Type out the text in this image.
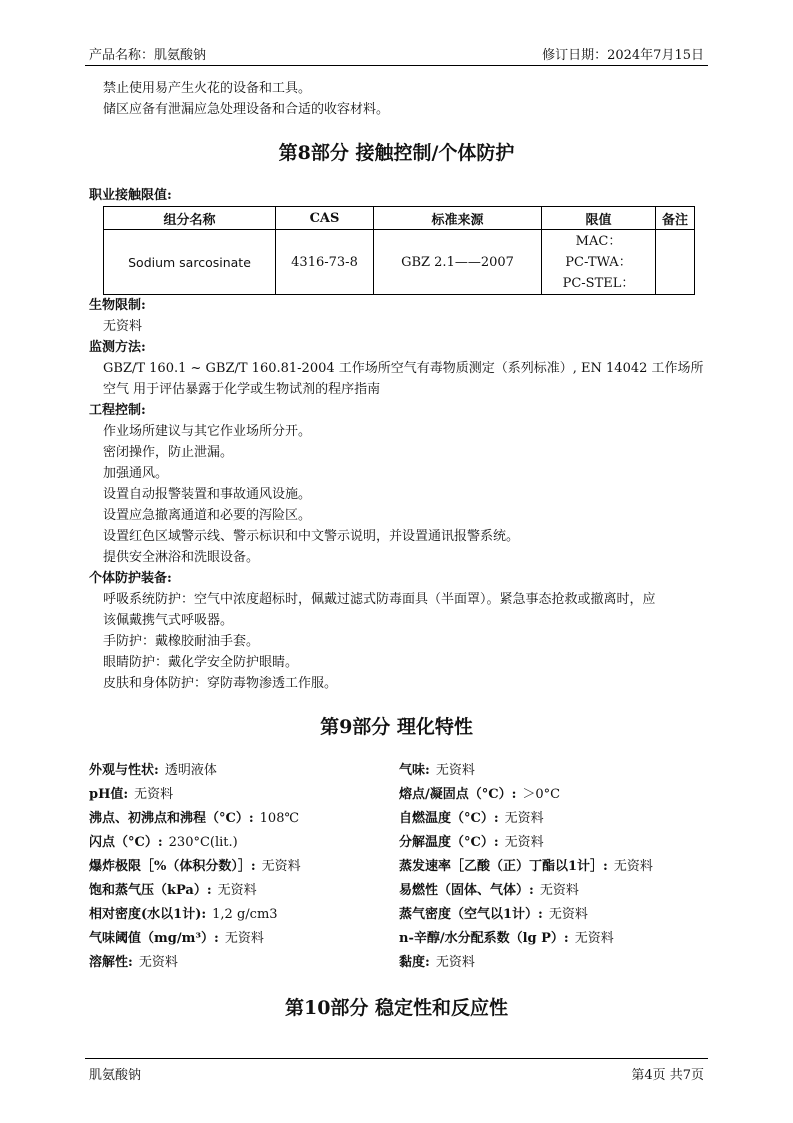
产品名称：肌氨酸钠	修订日期：2024年7月15日
禁止使用易产生火花的设备和工具。
储区应备有泄漏应急处理设备和合适的收容材料。
第8部分 接触控制/个体防护
职业接触限值:
组分名称	CAS	标准来源	限值	备注
Sodium sarcosinate	4316-73-8	GBZ 2.1——2007	MAC：
PC-TWA：
PC-STEL：	

生物限制:
无资料
监测方法:
GBZ/T 160.1 ~ GBZ/T 160.81-2004 工作场所空气有毒物质测定（系列标准）, EN 14042 工作场所
空气 用于评估暴露于化学或生物试剂的程序指南
工程控制:
作业场所建议与其它作业场所分开。
密闭操作，防止泄漏。
加强通风。
设置自动报警装置和事故通风设施。
设置应急撤离通道和必要的泻险区。
设置红色区域警示线、警示标识和中文警示说明，并设置通讯报警系统。
提供安全淋浴和洗眼设备。
个体防护装备:
呼吸系统防护：空气中浓度超标时，佩戴过滤式防毒面具（半面罩）。紧急事态抢救或撤离时，应
该佩戴携气式呼吸器。
手防护：戴橡胶耐油手套。
眼睛防护：戴化学安全防护眼睛。
皮肤和身体防护：穿防毒物渗透工作服。
第9部分 理化特性
外观与性状: 透明液体	气味: 无资料
pH值: 无资料	熔点/凝固点（°C）: ＞0°C
沸点、初沸点和沸程（°C）: 108℃	自燃温度（°C）: 无资料
闪点（°C）: 230°C(lit.)	分解温度（°C）: 无资料
爆炸极限［%（体积分数）］: 无资料	蒸发速率［乙酸（正）丁酯以1计］: 无资料
饱和蒸气压（kPa）: 无资料	易燃性（固体、气体）: 无资料
相对密度(水以1计): 1,2 g/cm3	蒸气密度（空气以1计）: 无资料
气味阈值（mg/m³）: 无资料	n-辛醇/水分配系数（lg P）: 无资料
溶解性: 无资料	黏度: 无资料
第10部分 稳定性和反应性
肌氨酸钠	第4页 共7页
